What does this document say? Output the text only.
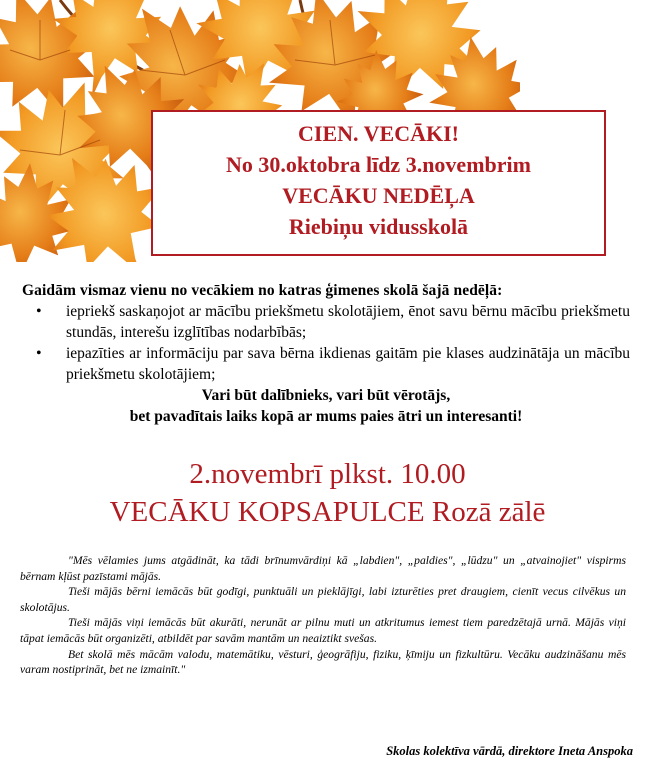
CIEN. VECĀKI!
No 30.oktobra līdz 3.novembrim
VECĀKU NEDĒĻA
Riebiņu vidusskolā
Gaidām vismaz vienu no vecākiem no katras ģimenes skolā šajā nedēļā:
• iepriekš saskaņojot ar mācību priekšmetu skolotājiem, ēnot savu bērnu mācību priekšmetu stundās, interešu izglītības nodarbībās;
• iepazīties ar informāciju par sava bērna ikdienas gaitām pie klases audzinātāja un mācību priekšmetu skolotājiem;
Vari būt dalībnieks, vari būt vērotājs,
bet pavadītais laiks kopā ar mums paies ātri un interesanti!
2.novembrī plkst. 10.00
VECĀKU KOPSAPULCE Rozā zālē

"Mēs vēlamies jums atgādināt, ka tādi brīnumvārdiņi kā „labdien", „paldies", „lūdzu" un „atvainojiet" vispirms bērnam kļūst pazīstami mājās.

Tieši mājās bērni iemācās būt godīgi, punktuāli un pieklājīgi, labi izturēties pret draugiem, cienīt vecus cilvēkus un skolotājus.

Tieši mājās viņi iemācās būt akurāti, nerunāt ar pilnu muti un atkritumus iemest tiem paredzētajā urnā. Mājās viņi tāpat iemācās būt organizēti, atbildēt par savām mantām un neaiztikt svešas.

Bet skolā mēs mācām valodu, matemātiku, vēsturi, ģeogrāfiju, fiziku, ķīmiju un fizkultūru. Vecāku audzināšanu mēs varam nostiprināt, bet ne izmainīt."

Skolas kolektīva vārdā, direktore Ineta Anspoka
